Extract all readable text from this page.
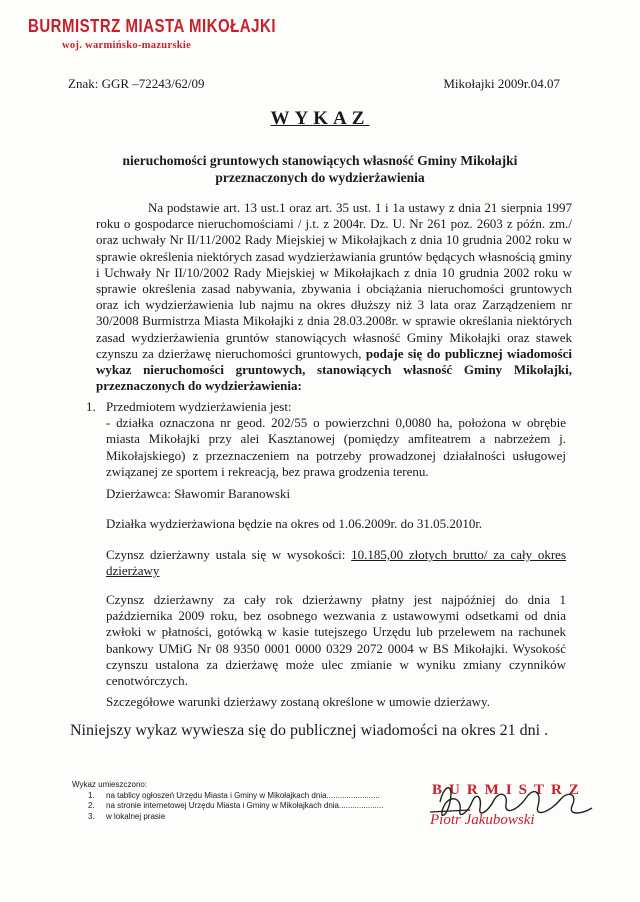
BURMISTRZ MIASTA MIKOŁAJKI
woj. warmińsko-mazurskie
Znak: GGR –72243/62/09	Mikołajki 2009r.04.07
WYKAZ
nieruchomości gruntowych stanowiących własność Gminy Mikołajki przeznaczonych do wydzierżawienia
Na podstawie art. 13 ust.1 oraz art. 35 ust. 1 i 1a ustawy z dnia 21 sierpnia 1997 roku o gospodarce nieruchomościami / j.t. z 2004r. Dz. U. Nr 261 poz. 2603 z późn. zm./ oraz uchwały Nr II/11/2002 Rady Miejskiej w Mikołajkach z dnia 10 grudnia 2002 roku w sprawie określenia niektórych zasad wydzierżawiania gruntów będących własnością gminy i Uchwały Nr II/10/2002 Rady Miejskiej w Mikołajkach z dnia 10 grudnia 2002 roku w sprawie określenia zasad nabywania, zbywania i obciążania nieruchomości gruntowych oraz ich wydzierżawienia lub najmu na okres dłuższy niż 3 lata oraz Zarządzeniem nr 30/2008 Burmistrza Miasta Mikołajki z dnia 28.03.2008r. w sprawie określania niektórych zasad wydzierżawienia gruntów stanowiących własność Gminy Mikołajki oraz stawek czynszu za dzierżawę nieruchomości gruntowych, podaje się do publicznej wiadomości wykaz nieruchomości gruntowych, stanowiących własność Gminy Mikołajki, przeznaczonych do wydzierżawienia:
1. Przedmiotem wydzierżawienia jest:
- działka oznaczona nr geod. 202/55 o powierzchni 0,0080 ha, położona w obrębie miasta Mikołajki przy alei Kasztanowej (pomiędzy amfiteatrem a nabrzeżem j. Mikołajskiego) z przeznaczeniem na potrzeby prowadzonej działalności usługowej związanej ze sportem i rekreacją, bez prawa grodzenia terenu.
Dzierżawca: Sławomir Baranowski
Działka wydzierżawiona będzie na okres od 1.06.2009r. do 31.05.2010r.
Czynsz dzierżawny ustala się w wysokości: 10.185,00 złotych brutto/ za cały okres dzierżawy
Czynsz dzierżawny za cały rok dzierżawny płatny jest najpóźniej do dnia 1 października 2009 roku, bez osobnego wezwania z ustawowymi odsetkami od dnia zwłoki w płatności, gotówką w kasie tutejszego Urzędu lub przelewem na rachunek bankowy UMiG Nr 08 9350 0001 0000 0329 2072 0004 w BS Mikołajki. Wysokość czynszu ustalona za dzierżawę może ulec zmianie w wyniku zmiany czynników cenotwórczych.
Szczegółowe warunki dzierżawy zostaną określone w umowie dzierżawy.
Niniejszy wykaz wywiesza się do publicznej wiadomości na okres 21 dni .
Wykaz umieszczono:
1. na tablicy ogłoszeń Urzędu Miasta i Gminy w Mikołajkach dnia........................
2. na stronie internetowej Urzędu Miasta i Gminy w Mikołajkach dnia....................
3. w lokalnej prasie
BURMISTRZ
Piotr Jakubowski
